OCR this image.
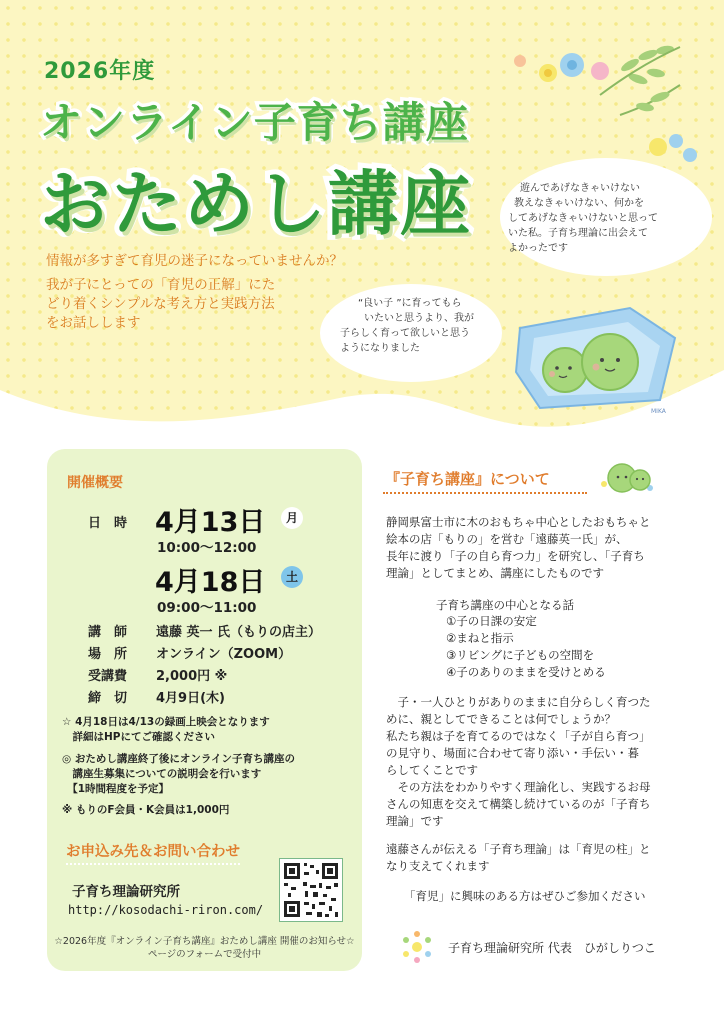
2026年度
オンライン子育ち講座
おためし講座
情報が多すぎて育児の迷子になっていませんか？
我が子にとっての「育児の正解」にた
どり着くシンプルな考え方と実践方法
をお話しします
遊んであげなきゃいけない
教えなきゃいけない、何かを
してあげなきゃいけないと思って
いた私。子育ち理論に出会えて
よかったです
“良い子 ”に育ってもら
いたいと思うより、我が
子らしく育って欲しいと思う
ようになりました
MIKA
開催概要
日　時 4月13日	月
10:00～12:00
4月18日	土
09:00～11:00
講　師 遠藤 英一 氏（もりの店主）
場　所 オンライン（ZOOM）
受講費 2,000円 ※
締　切 4月9日(木)
☆ 4月18日は4/13の録画上映会となります
　詳細はHPにてご確認ください
◎ おためし講座終了後にオンライン子育ち講座の
　講座生募集についての説明会を行います
　【1時間程度を予定】
※ もりのF会員・K会員は1,000円
お申込み先＆お問い合わせ
子育ち理論研究所
http://kosodachi-riron.com/
☆2026年度『オンライン子育ち講座』おためし講座 開催のお知らせ☆
ページのフォームで受付中
『子育ち講座』について
静岡県富士市に木のおもちゃ中心としたおもちゃと
絵本の店「もりの」を営む「遠藤英一氏」が、
長年に渡り「子の自ら育つ力」を研究し、「子育ち
理論」としてまとめ、講座にしたものです
子育ち講座の中心となる話
①子の日課の安定
②まねと指示
③リビングに子どもの空間を
④子のありのままを受けとめる
　子・一人ひとりがありのままに自分らしく育つた
めに、親としてできることは何でしょうか？
私たち親は子を育てるのではなく「子が自ら育つ」
の見守り、場面に合わせて寄り添い・手伝い・暮
らしてくことです
　その方法をわかりやすく理論化し、実践するお母
さんの知恵を交えて構築し続けているのが「子育ち
理論」です
遠藤さんが伝える「子育ち理論」は「育児の柱」と
なり支えてくれます
「育児」に興味のある方はぜひご参加ください
子育ち理論研究所 代表　ひがしりつこ
